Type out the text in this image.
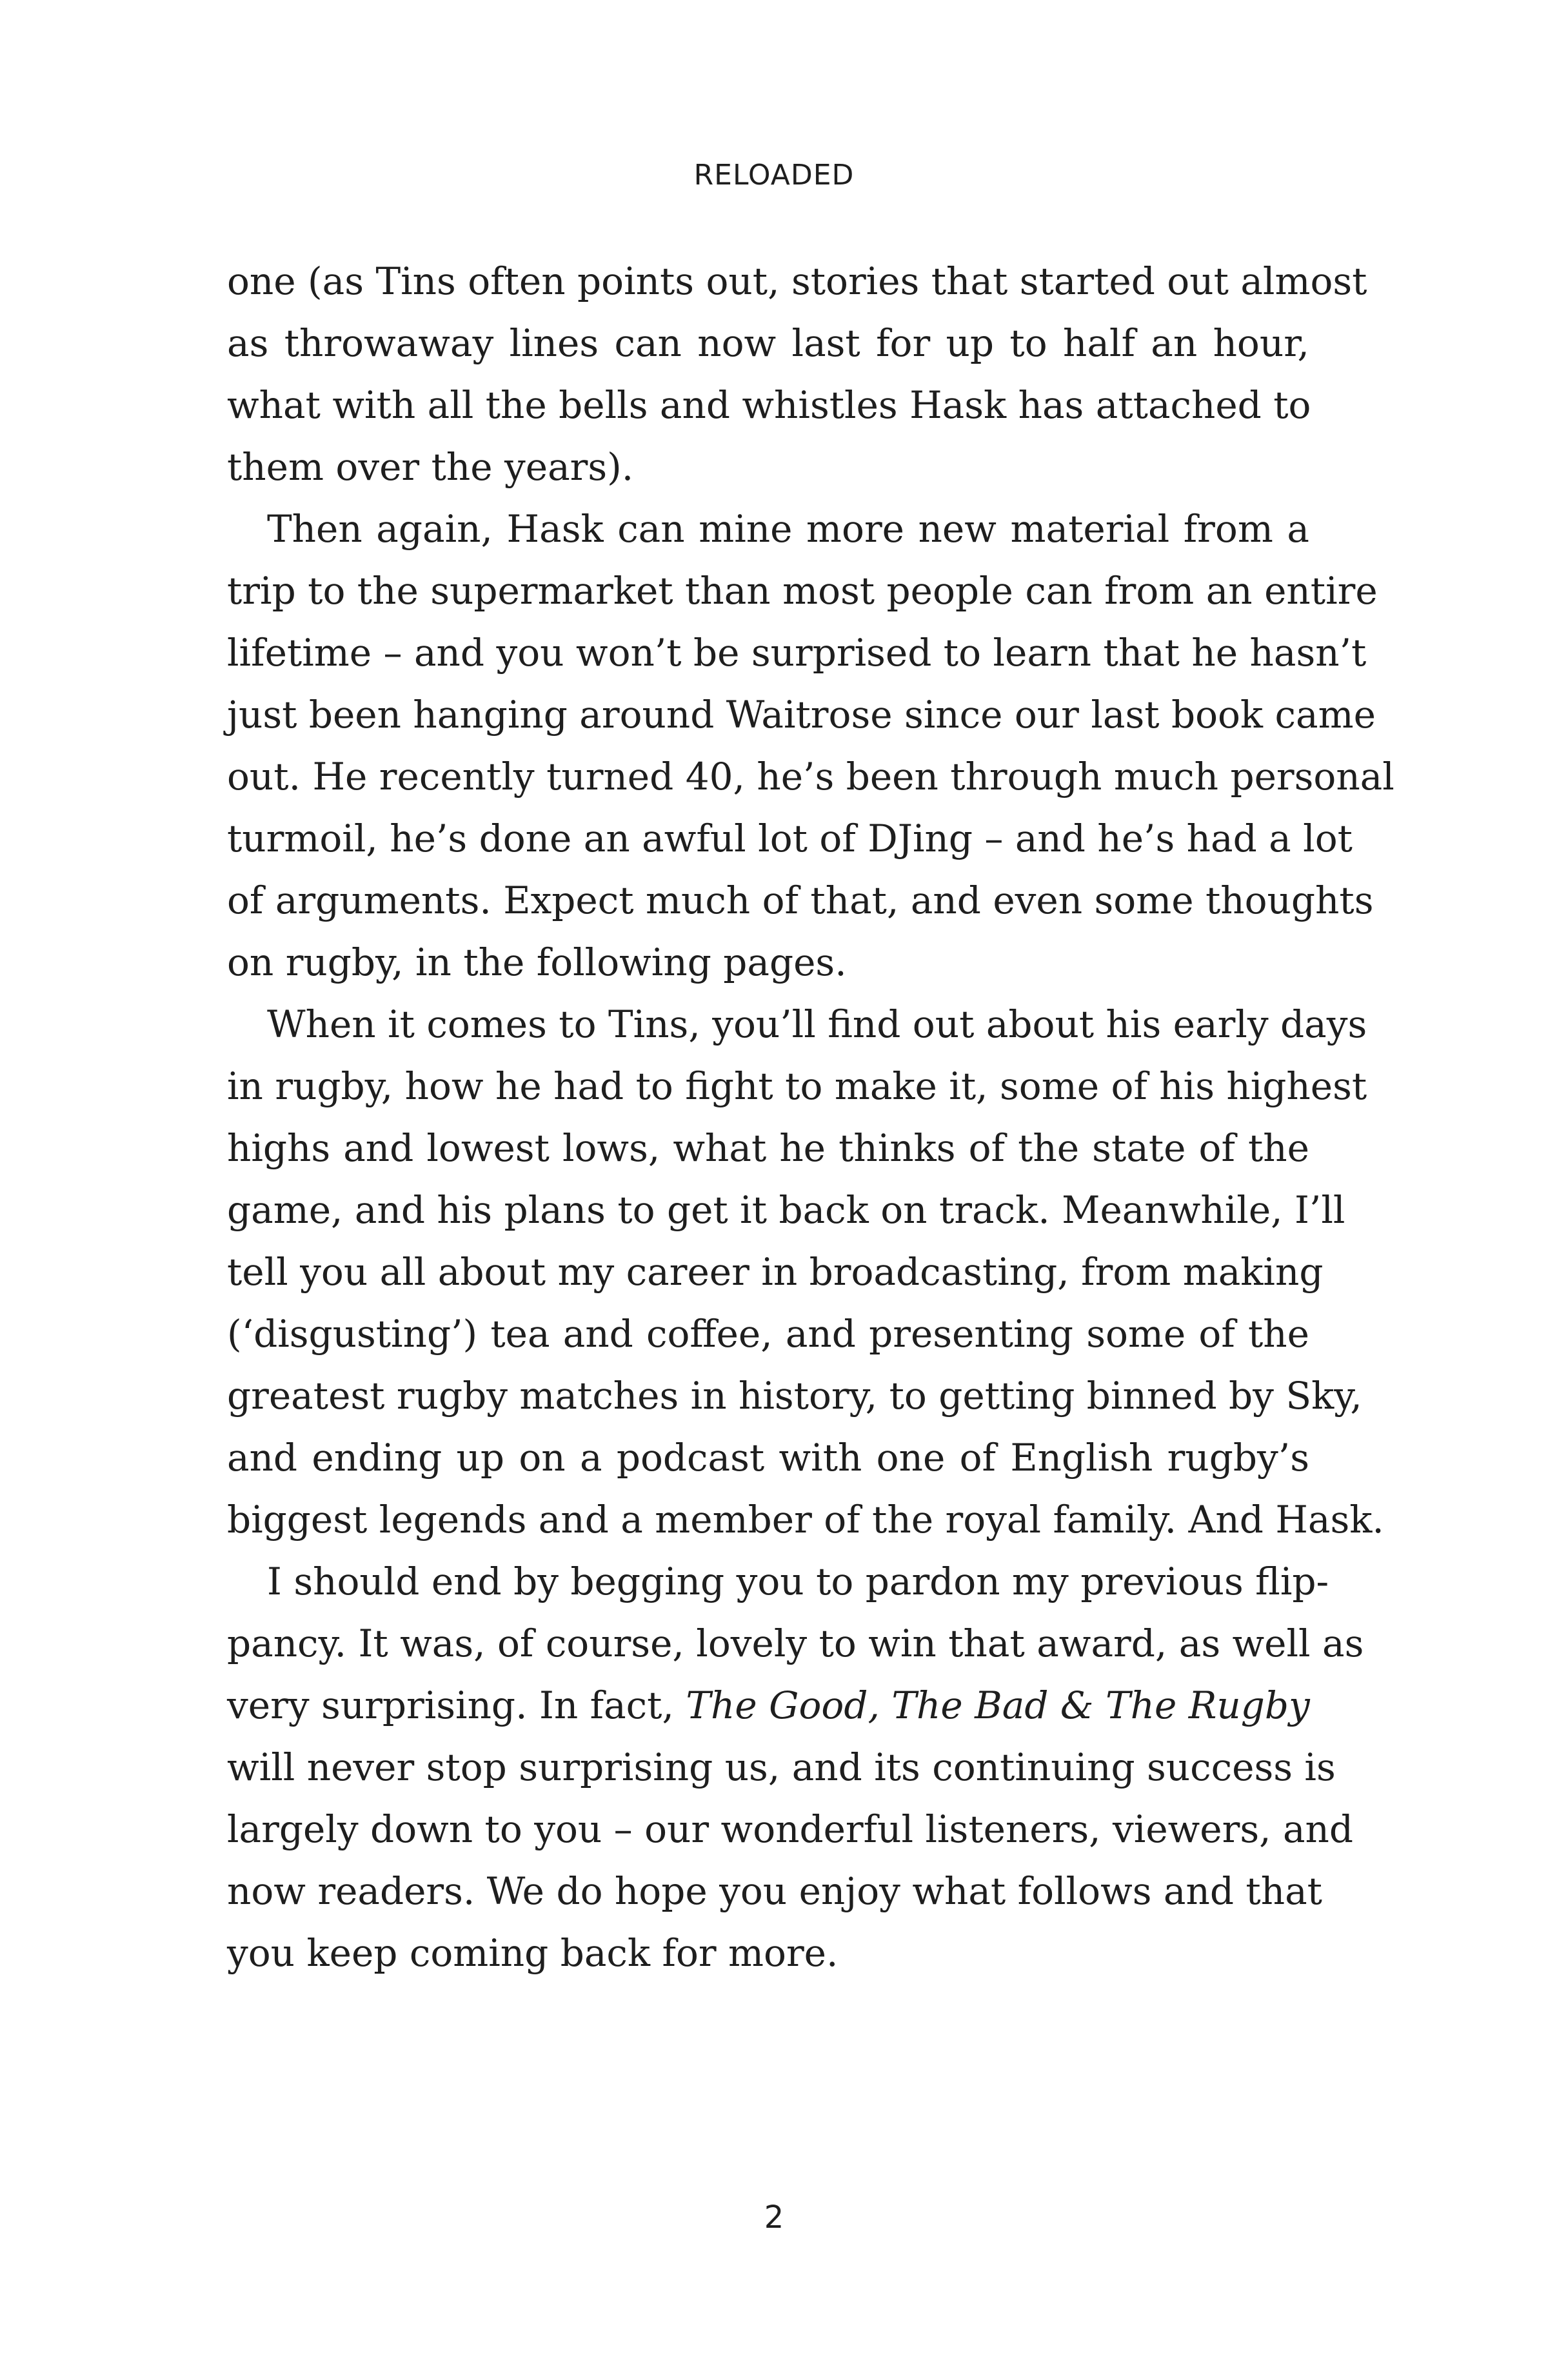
RELOADED
one (as Tins often points out, stories that started out almost
as throwaway lines can now last for up to half an hour,
what with all the bells and whistles Hask has attached to
them over the years).
Then again, Hask can mine more new material from a
trip to the supermarket than most people can from an entire
lifetime – and you won’t be surprised to learn that he hasn’t
just been hanging around Waitrose since our last book came
out. He recently turned 40, he’s been through much personal
turmoil, he’s done an awful lot of DJing – and he’s had a lot
of arguments. Expect much of that, and even some thoughts
on rugby, in the following pages.
When it comes to Tins, you’ll find out about his early days
in rugby, how he had to fight to make it, some of his highest
highs and lowest lows, what he thinks of the state of the
game, and his plans to get it back on track. Meanwhile, I’ll
tell you all about my career in broadcasting, from making
(‘disgusting’) tea and coffee, and presenting some of the
greatest rugby matches in history, to getting binned by Sky,
and ending up on a podcast with one of English rugby’s
biggest legends and a member of the royal family. And Hask.
I should end by begging you to pardon my previous flip-
pancy. It was, of course, lovely to win that award, as well as
very surprising. In fact, The Good, The Bad & The Rugby
will never stop surprising us, and its continuing success is
largely down to you – our wonderful listeners, viewers, and
now readers. We do hope you enjoy what follows and that
you keep coming back for more.
2
